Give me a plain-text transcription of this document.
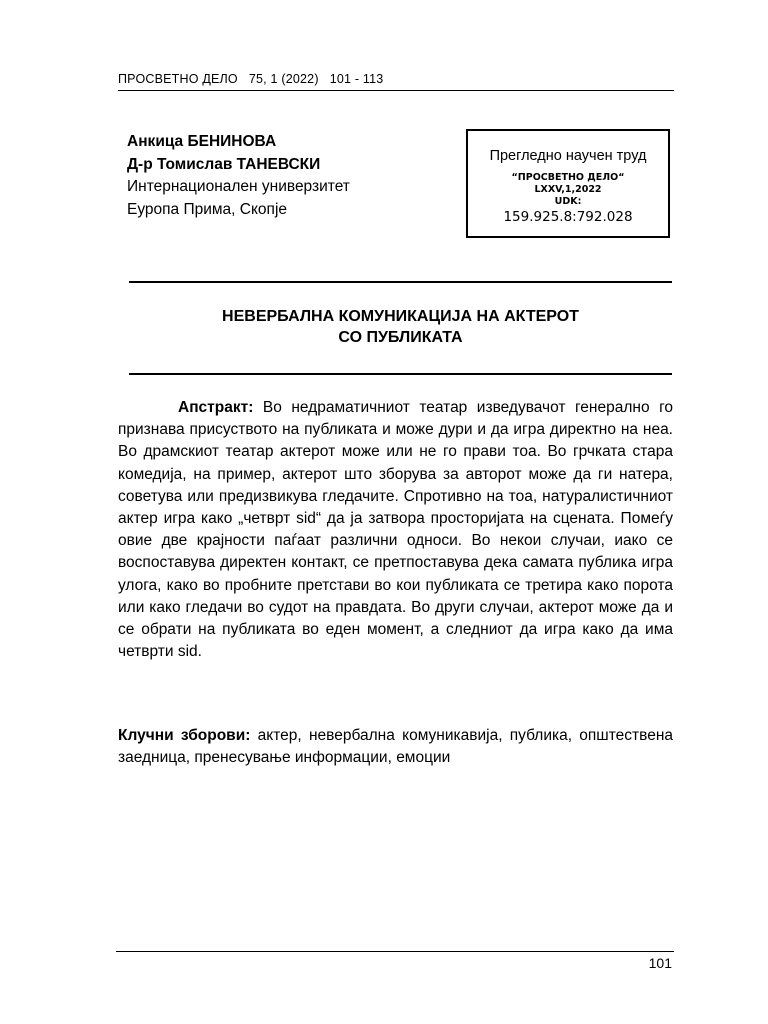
ПРОСВЕТНО ДЕЛО   75, 1 (2022)   101 - 113
Анкица БЕНИНОВА
Д-р Томислав ТАНЕВСКИ
Интернационален универзитет
Еуропа Прима, Скопје
Прегледно научен труд
“ПРОСВЕТНО ДЕЛО“
LXXV,1,2022
UDK:
159.925.8:792.028
НЕВЕРБАЛНА КОМУНИКАЦИЈА НА АКТЕРОТ
СО ПУБЛИКАТА

Апстракт: Во недраматичниот театар изведувачот генерално го признава присуството на публиката и може дури и да игра директно на неа. Во драмскиот театар актерот може или не го прави тоа. Во грчката стара комедија, на пример, актерот што зборува за авторот може да ги натера, советува или предизвикува гледачите. Спротивно на тоа, натуралистичниот актер игра како „четврт ѕid“ да ја затвора просторијата на сцената. Помеѓу овие две крајности паѓаат различни односи. Во некои случаи, иако се воспоставува директен контакт, се претпоставува дека самата публика игра улога, како во пробните претстави во кои публиката се третира како порота или како гледачи во судот на правдата. Во други случаи, актерот може да и се обрати на публиката во еден момент, а следниот да игра како да има четврти ѕid.

Клучни зборови: актер, невербална комуникавија, публика, општествена заедница, пренесување информации, емоции

101
